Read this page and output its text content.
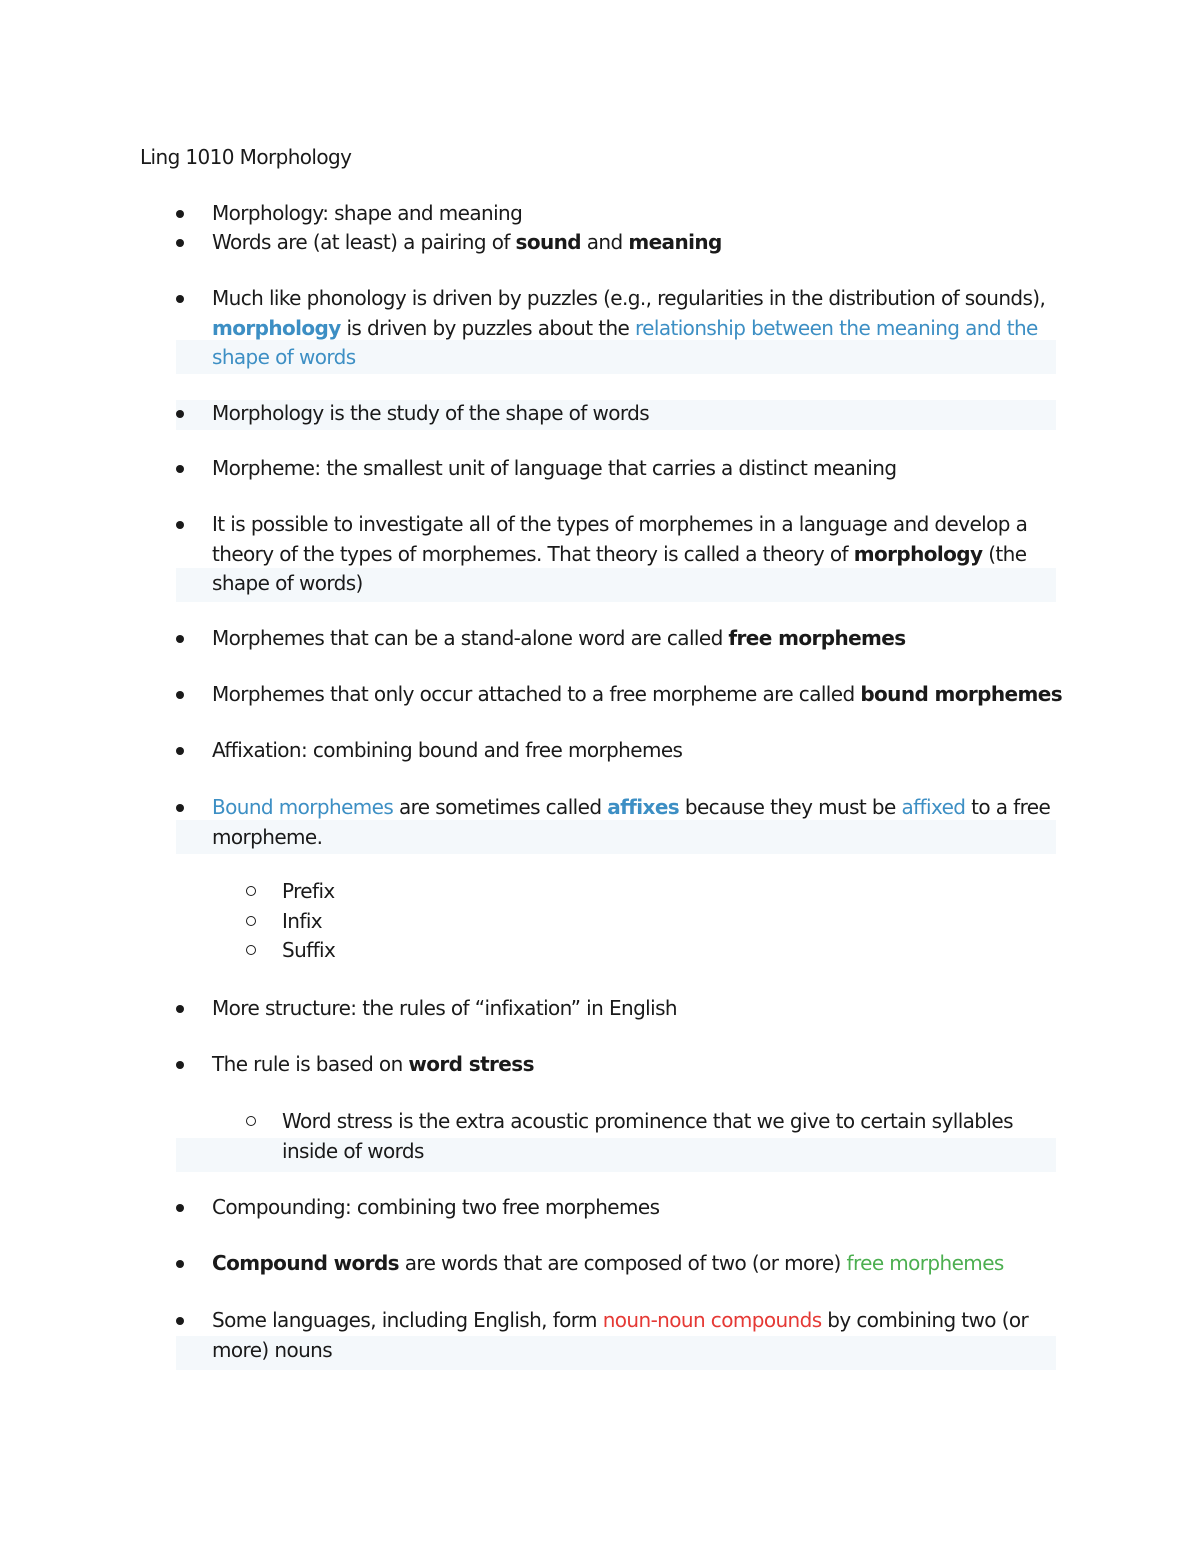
Ling 1010 Morphology
Morphology: shape and meaning
Words are (at least) a pairing of sound and meaning
Much like phonology is driven by puzzles (e.g., regularities in the distribution of sounds), morphology is driven by puzzles about the relationship between the meaning and the shape of words
Morphology is the study of the shape of words
Morpheme: the smallest unit of language that carries a distinct meaning
It is possible to investigate all of the types of morphemes in a language and develop a theory of the types of morphemes. That theory is called a theory of morphology (the shape of words)
Morphemes that can be a stand-alone word are called free morphemes
Morphemes that only occur attached to a free morpheme are called bound morphemes
Affixation: combining bound and free morphemes
Bound morphemes are sometimes called affixes because they must be affixed to a free morpheme.
Prefix
Infix
Suffix
More structure: the rules of “infixation” in English
The rule is based on word stress
Word stress is the extra acoustic prominence that we give to certain syllables inside of words
Compounding: combining two free morphemes
Compound words are words that are composed of two (or more) free morphemes
Some languages, including English, form noun-noun compounds by combining two (or more) nouns
